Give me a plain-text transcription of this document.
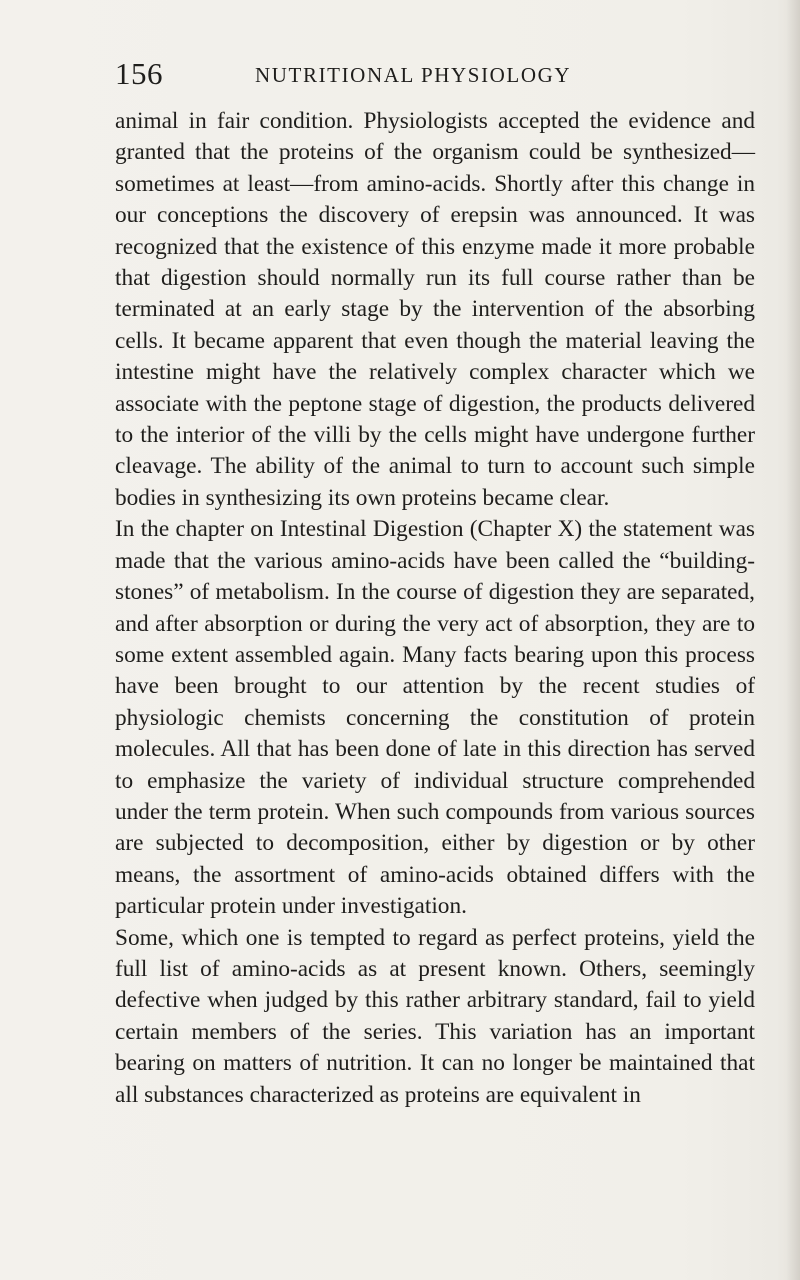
156	NUTRITIONAL PHYSIOLOGY

animal in fair condition. Physiologists accepted the evidence and granted that the proteins of the organism could be synthesized—sometimes at least—from amino-acids. Shortly after this change in our conceptions the discovery of erepsin was announced. It was recognized that the existence of this enzyme made it more probable that digestion should normally run its full course rather than be terminated at an early stage by the intervention of the absorbing cells. It became apparent that even though the material leaving the intestine might have the relatively complex character which we associate with the peptone stage of digestion, the products delivered to the interior of the villi by the cells might have undergone further cleavage. The ability of the animal to turn to account such simple bodies in synthesizing its own proteins became clear.

In the chapter on Intestinal Digestion (Chapter X) the statement was made that the various amino-acids have been called the “building-stones” of metabolism. In the course of digestion they are separated, and after absorption or during the very act of absorption, they are to some extent assembled again. Many facts bearing upon this process have been brought to our attention by the recent studies of physiologic chemists concerning the constitution of protein molecules. All that has been done of late in this direction has served to emphasize the variety of individual structure comprehended under the term protein. When such compounds from various sources are subjected to decomposition, either by digestion or by other means, the assortment of amino-acids obtained differs with the particular protein under investigation.

Some, which one is tempted to regard as perfect proteins, yield the full list of amino-acids as at present known. Others, seemingly defective when judged by this rather arbitrary standard, fail to yield certain members of the series. This variation has an important bearing on matters of nutrition. It can no longer be maintained that all substances characterized as proteins are equivalent in
